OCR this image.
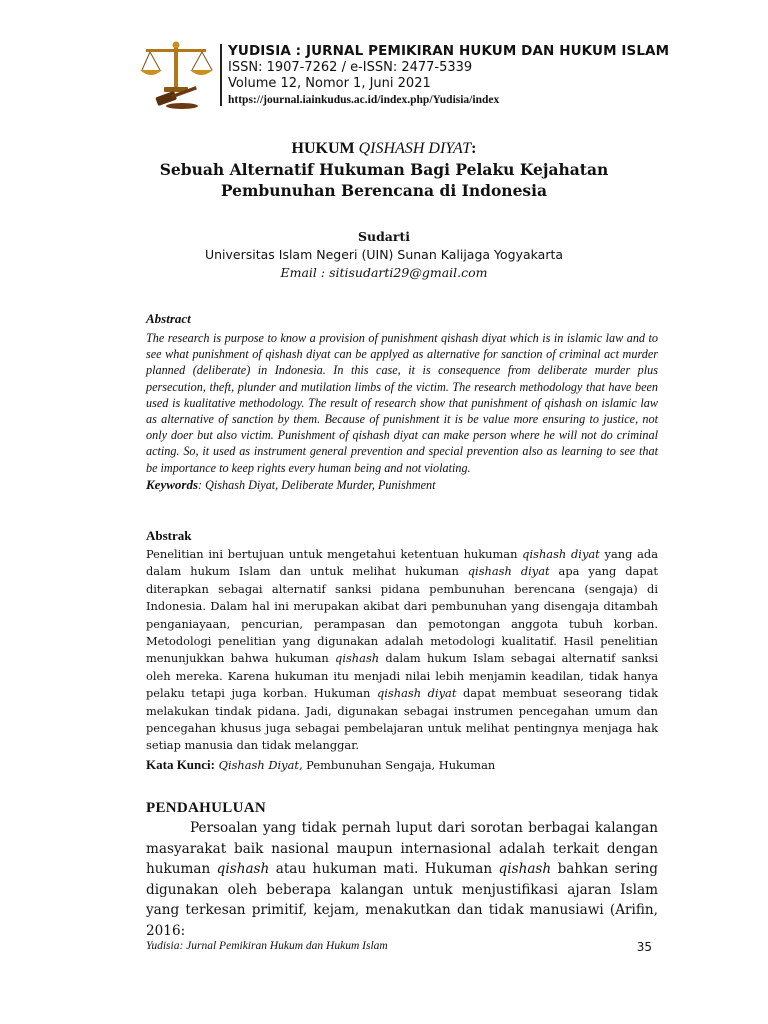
YUDISIA : JURNAL PEMIKIRAN HUKUM DAN HUKUM ISLAM
ISSN: 1907-7262 / e-ISSN: 2477-5339
Volume 12, Nomor 1, Juni 2021
https://journal.iainkudus.ac.id/index.php/Yudisia/index
HUKUM QISHASH DIYAT:
Sebuah Alternatif Hukuman Bagi Pelaku Kejahatan
Pembunuhan Berencana di Indonesia
Sudarti
Universitas Islam Negeri (UIN) Sunan Kalijaga Yogyakarta
Email : sitisudarti29@gmail.com
Abstract
The research is purpose to know a provision of punishment qishash diyat which is in islamic law and to see what punishment of qishash diyat can be applyed as alternative for sanction of criminal act murder planned (deliberate) in Indonesia. In this case, it is consequence from deliberate murder plus persecution, theft, plunder and mutilation limbs of the victim. The research methodology that have been used is kualitative methodology. The result of research show that punishment of qishash on islamic law as alternative of sanction by them. Because of punishment it is be value more ensuring to justice, not only doer but also victim. Punishment of qishash diyat can make person where he will not do criminal acting. So, it used as instrument general prevention and special prevention also as learning to see that be importance to keep rights every human being and not violating.
Keywords: Qishash Diyat, Deliberate Murder, Punishment
Abstrak
Penelitian ini bertujuan untuk mengetahui ketentuan hukuman qishash diyat yang ada dalam hukum Islam dan untuk melihat hukuman qishash diyat apa yang dapat diterapkan sebagai alternatif sanksi pidana pembunuhan berencana (sengaja) di Indonesia. Dalam hal ini merupakan akibat dari pembunuhan yang disengaja ditambah penganiayaan, pencurian, perampasan dan pemotongan anggota tubuh korban. Metodologi penelitian yang digunakan adalah metodologi kualitatif. Hasil penelitian menunjukkan bahwa hukuman qishash dalam hukum Islam sebagai alternatif sanksi oleh mereka. Karena hukuman itu menjadi nilai lebih menjamin keadilan, tidak hanya pelaku tetapi juga korban. Hukuman qishash diyat dapat membuat seseorang tidak melakukan tindak pidana. Jadi, digunakan sebagai instrumen pencegahan umum dan pencegahan khusus juga sebagai pembelajaran untuk melihat pentingnya menjaga hak setiap manusia dan tidak melanggar.
Kata Kunci: Qishash Diyat, Pembunuhan Sengaja, Hukuman
PENDAHULUAN
Persoalan yang tidak pernah luput dari sorotan berbagai kalangan masyarakat baik nasional maupun internasional adalah terkait dengan hukuman qishash atau hukuman mati. Hukuman qishash bahkan sering digunakan oleh beberapa kalangan untuk menjustifikasi ajaran Islam yang terkesan primitif, kejam, menakutkan dan tidak manusiawi (Arifin, 2016:
Yudisia: Jurnal Pemikiran Hukum dan Hukum Islam	35
